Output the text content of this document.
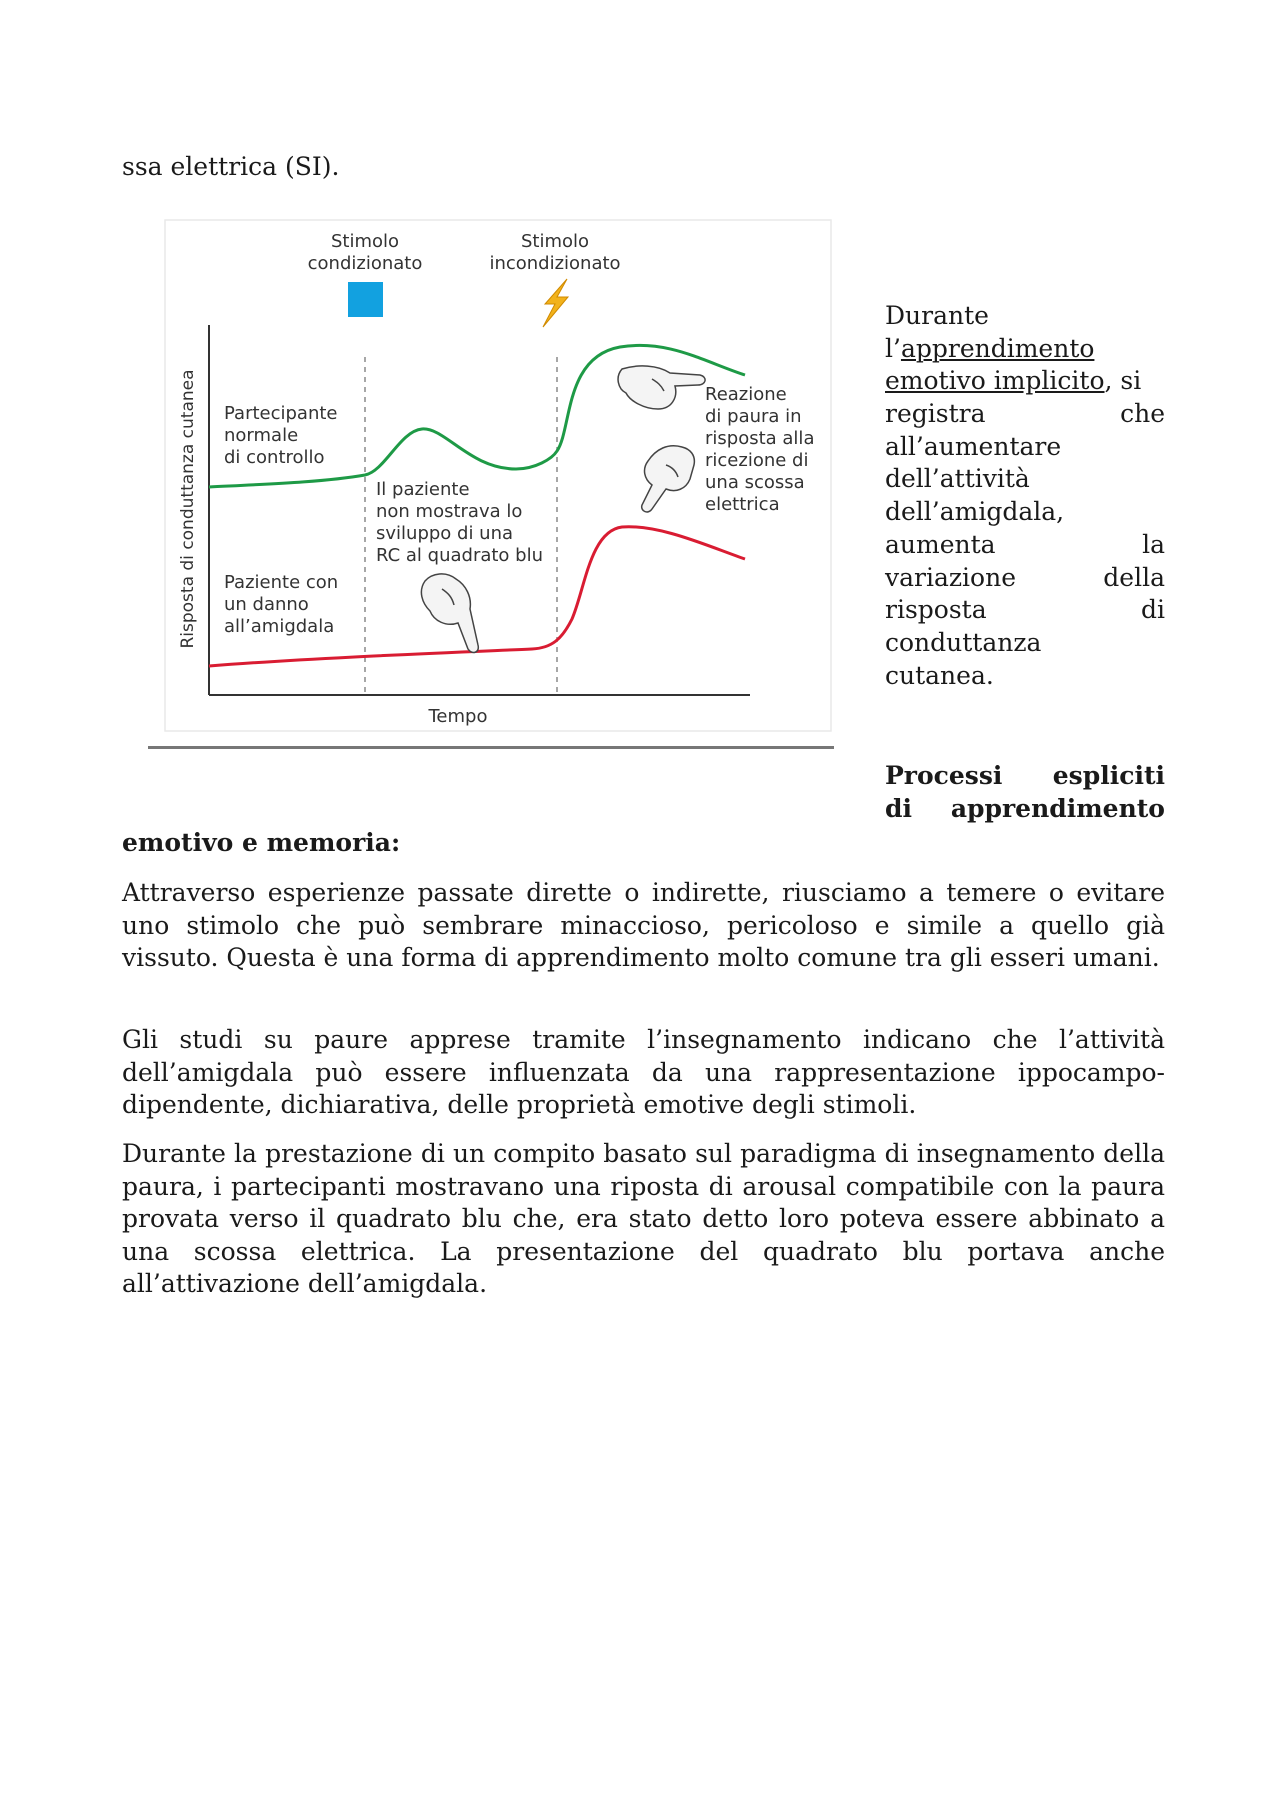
ssa elettrica (SI).

Stimolo
condizionato
Stimolo
incondizionato
Risposta di conduttanza cutanea
Tempo
Partecipante
normale
di controllo
Paziente con
un danno
all’amigdala
Il paziente
non mostrava lo
sviluppo di una
RC al quadrato blu
Reazione
di paura in
risposta alla
ricezione di
una scossa
elettrica
Durante
l’apprendimento
emotivo implicito, si
registra che
all’aumentare
dell’attività
dell’amigdala,
aumenta la
variazione della
risposta di
conduttanza
cutanea.
Processi espliciti
di apprendimento

emotivo e memoria:

Attraverso esperienze passate dirette o indirette, riusciamo a temere o evitare uno stimolo che può sembrare minaccioso, pericoloso e simile a quello già vissuto. Questa è una forma di apprendimento molto comune tra gli esseri umani.

Gli studi su paure apprese tramite l’insegnamento indicano che l’attività dell’amigdala può essere influenzata da una rappresentazione ippocampo-dipendente, dichiarativa, delle proprietà emotive degli stimoli.

Durante la prestazione di un compito basato sul paradigma di insegnamento della paura, i partecipanti mostravano una riposta di arousal compatibile con la paura provata verso il quadrato blu che, era stato detto loro poteva essere abbinato a una scossa elettrica. La presentazione del quadrato blu portava anche all’attivazione dell’amigdala.
